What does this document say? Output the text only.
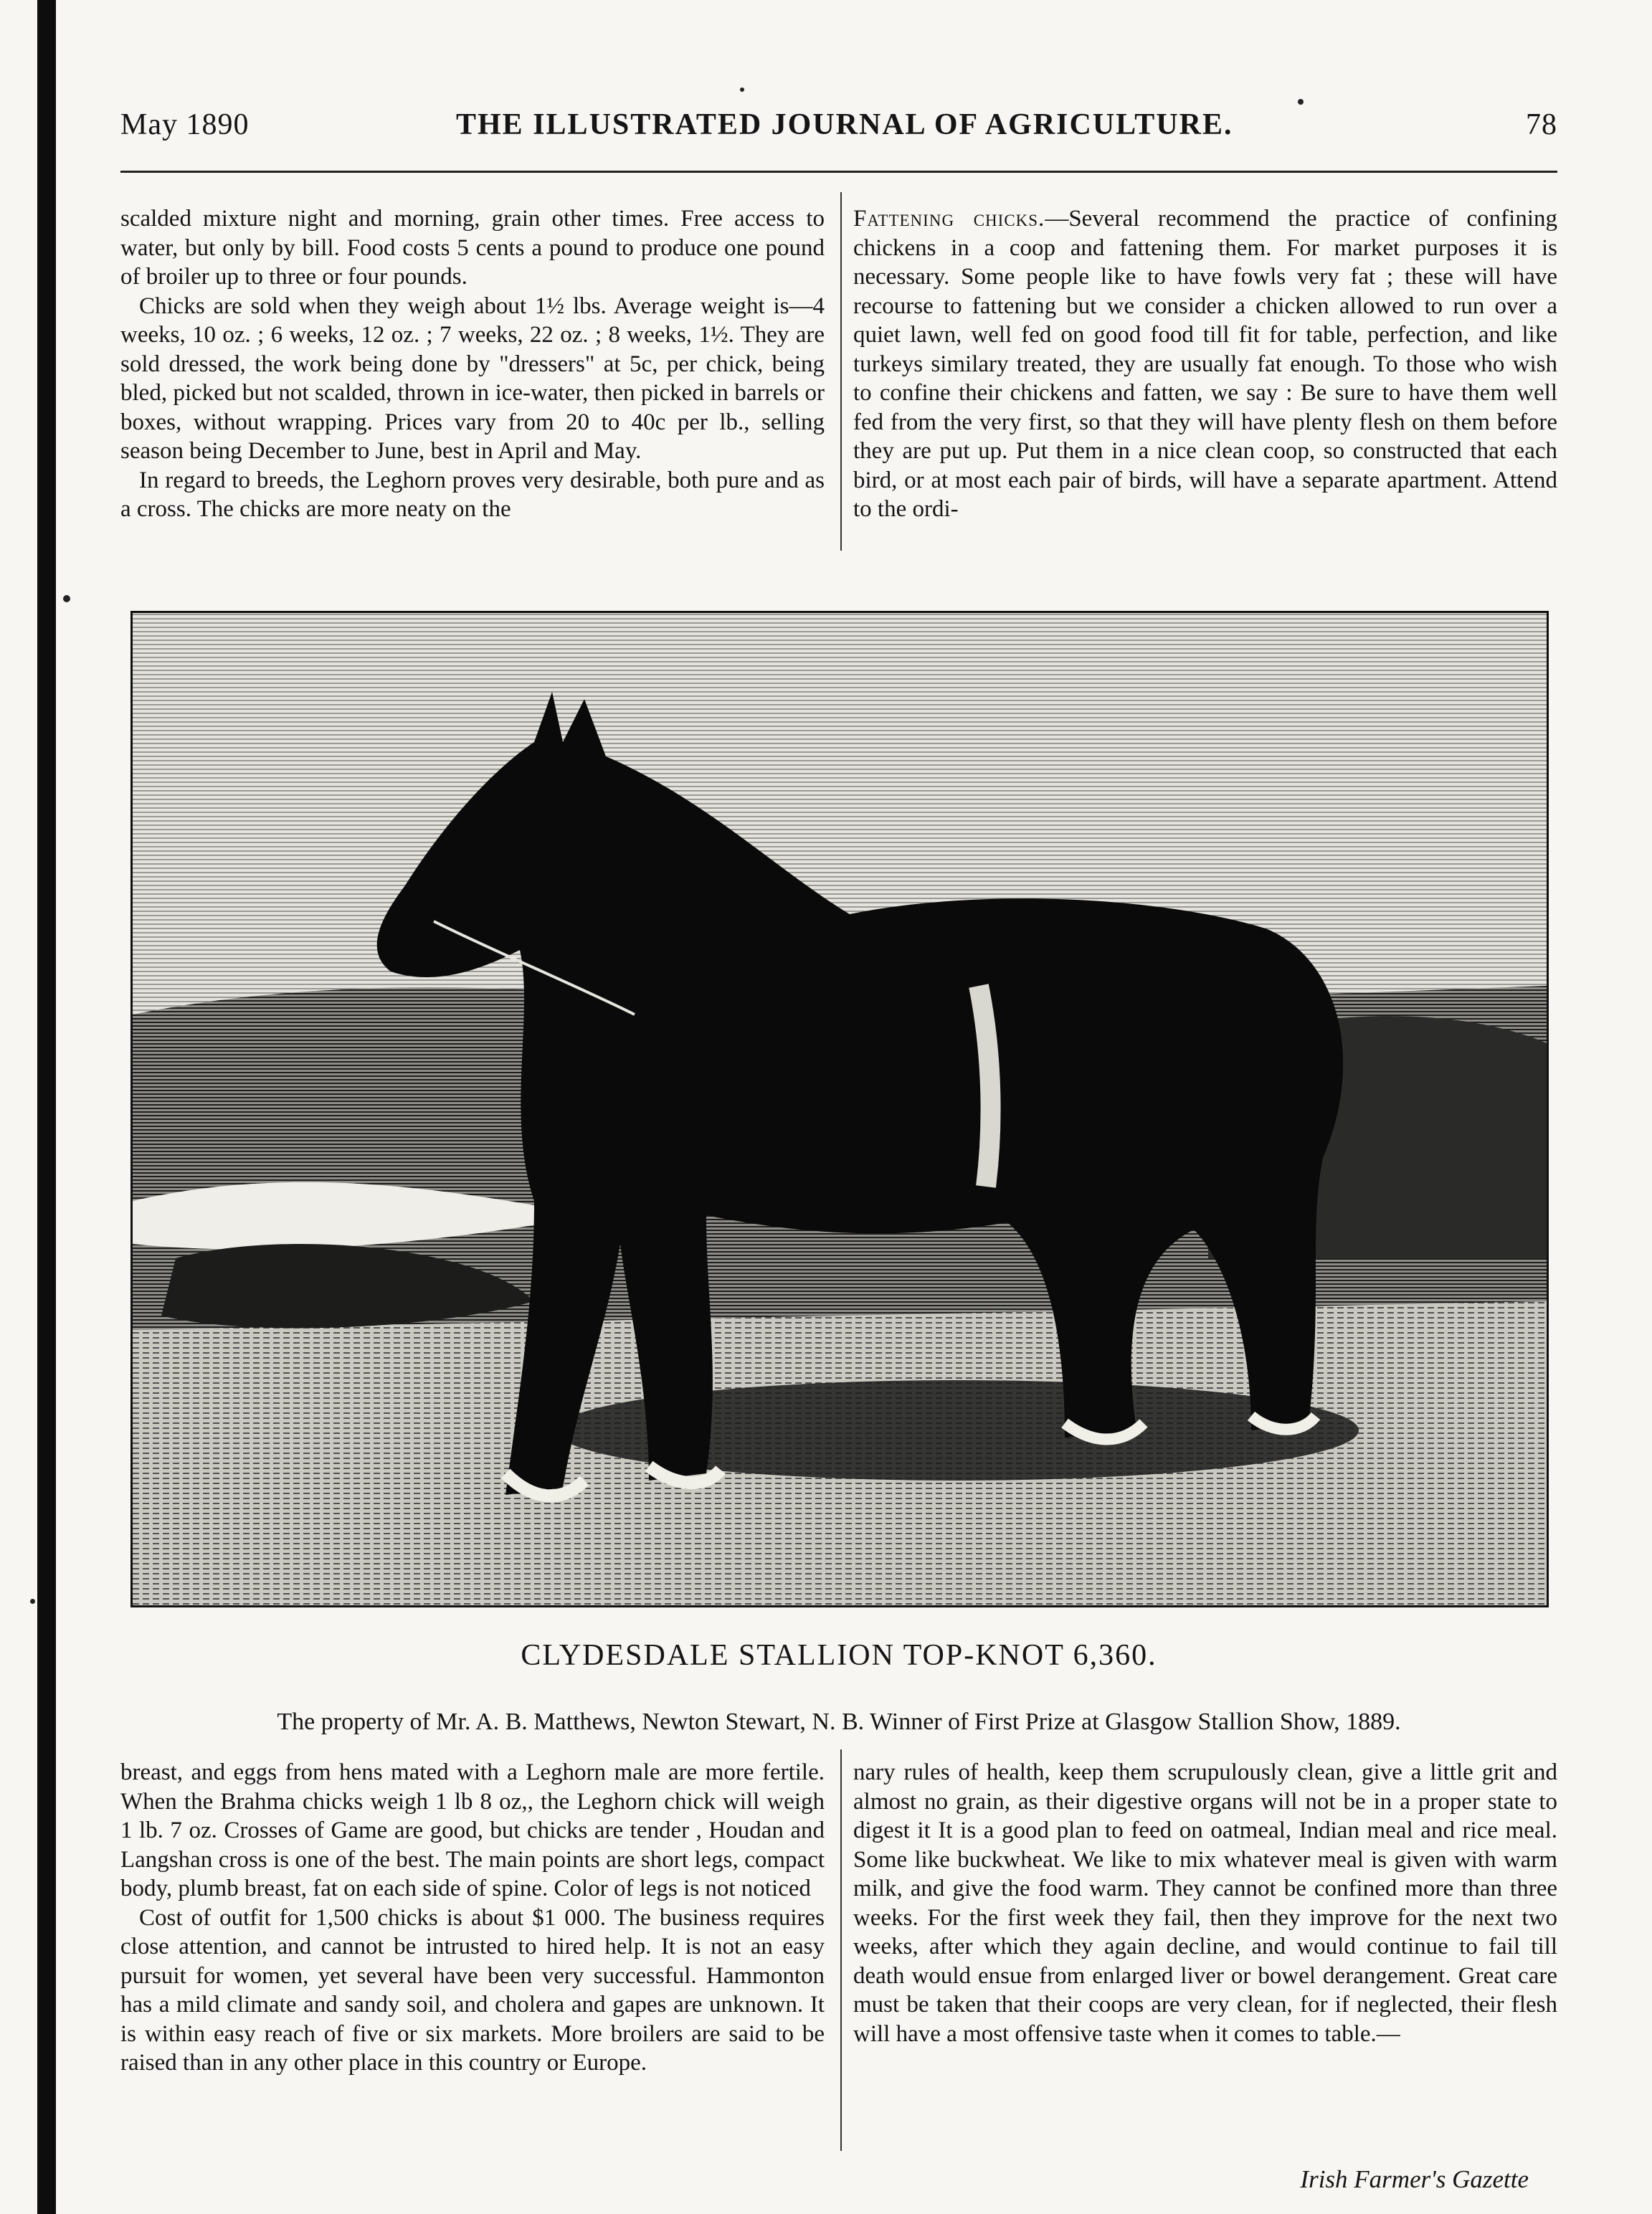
May 1890	THE ILLUSTRATED JOURNAL OF AGRICULTURE.	78

scalded mixture night and morning, grain other times. Free access to water, but only by bill. Food costs 5 cents a pound to produce one pound of broiler up to three or four pounds.

Chicks are sold when they weigh about 1½ lbs. Average weight is—4 weeks, 10 oz. ; 6 weeks, 12 oz. ; 7 weeks, 22 oz. ; 8 weeks, 1½. They are sold dressed, the work being done by "dressers" at 5c, per chick, being bled, picked but not scalded, thrown in ice-water, then picked in barrels or boxes, without wrapping. Prices vary from 20 to 40c per lb., selling season being December to June, best in April and May.

In regard to breeds, the Leghorn proves very desirable, both pure and as a cross. The chicks are more neaty on the

Fattening chicks.—Several recommend the practice of confining chickens in a coop and fattening them. For market purposes it is necessary. Some people like to have fowls very fat ; these will have recourse to fattening but we consider a chicken allowed to run over a quiet lawn, well fed on good food till fit for table, perfection, and like turkeys similary treated, they are usually fat enough. To those who wish to confine their chickens and fatten, we say : Be sure to have them well fed from the very first, so that they will have plenty flesh on them before they are put up. Put them in a nice clean coop, so constructed that each bird, or at most each pair of birds, will have a separate apartment. Attend to the ordi-

CLYDESDALE STALLION TOP-KNOT 6,360.
The property of Mr. A. B. Matthews, Newton Stewart, N. B. Winner of First Prize at Glasgow Stallion Show, 1889.

breast, and eggs from hens mated with a Leghorn male are more fertile. When the Brahma chicks weigh 1 lb 8 oz,, the Leghorn chick will weigh 1 lb. 7 oz. Crosses of Game are good, but chicks are tender , Houdan and Langshan cross is one of the best. The main points are short legs, compact body, plumb breast, fat on each side of spine. Color of legs is not noticed

Cost of outfit for 1,500 chicks is about $1 000. The business requires close attention, and cannot be intrusted to hired help. It is not an easy pursuit for women, yet several have been very successful. Hammonton has a mild climate and sandy soil, and cholera and gapes are unknown. It is within easy reach of five or six markets. More broilers are said to be raised than in any other place in this country or Europe.

nary rules of health, keep them scrupulously clean, give a little grit and almost no grain, as their digestive organs will not be in a proper state to digest it It is a good plan to feed on oatmeal, Indian meal and rice meal. Some like buckwheat. We like to mix whatever meal is given with warm milk, and give the food warm. They cannot be confined more than three weeks. For the first week they fail, then they improve for the next two weeks, after which they again decline, and would continue to fail till death would ensue from enlarged liver or bowel derangement. Great care must be taken that their coops are very clean, for if neglected, their flesh will have a most offensive taste when it comes to table.—

Irish Farmer's Gazette
